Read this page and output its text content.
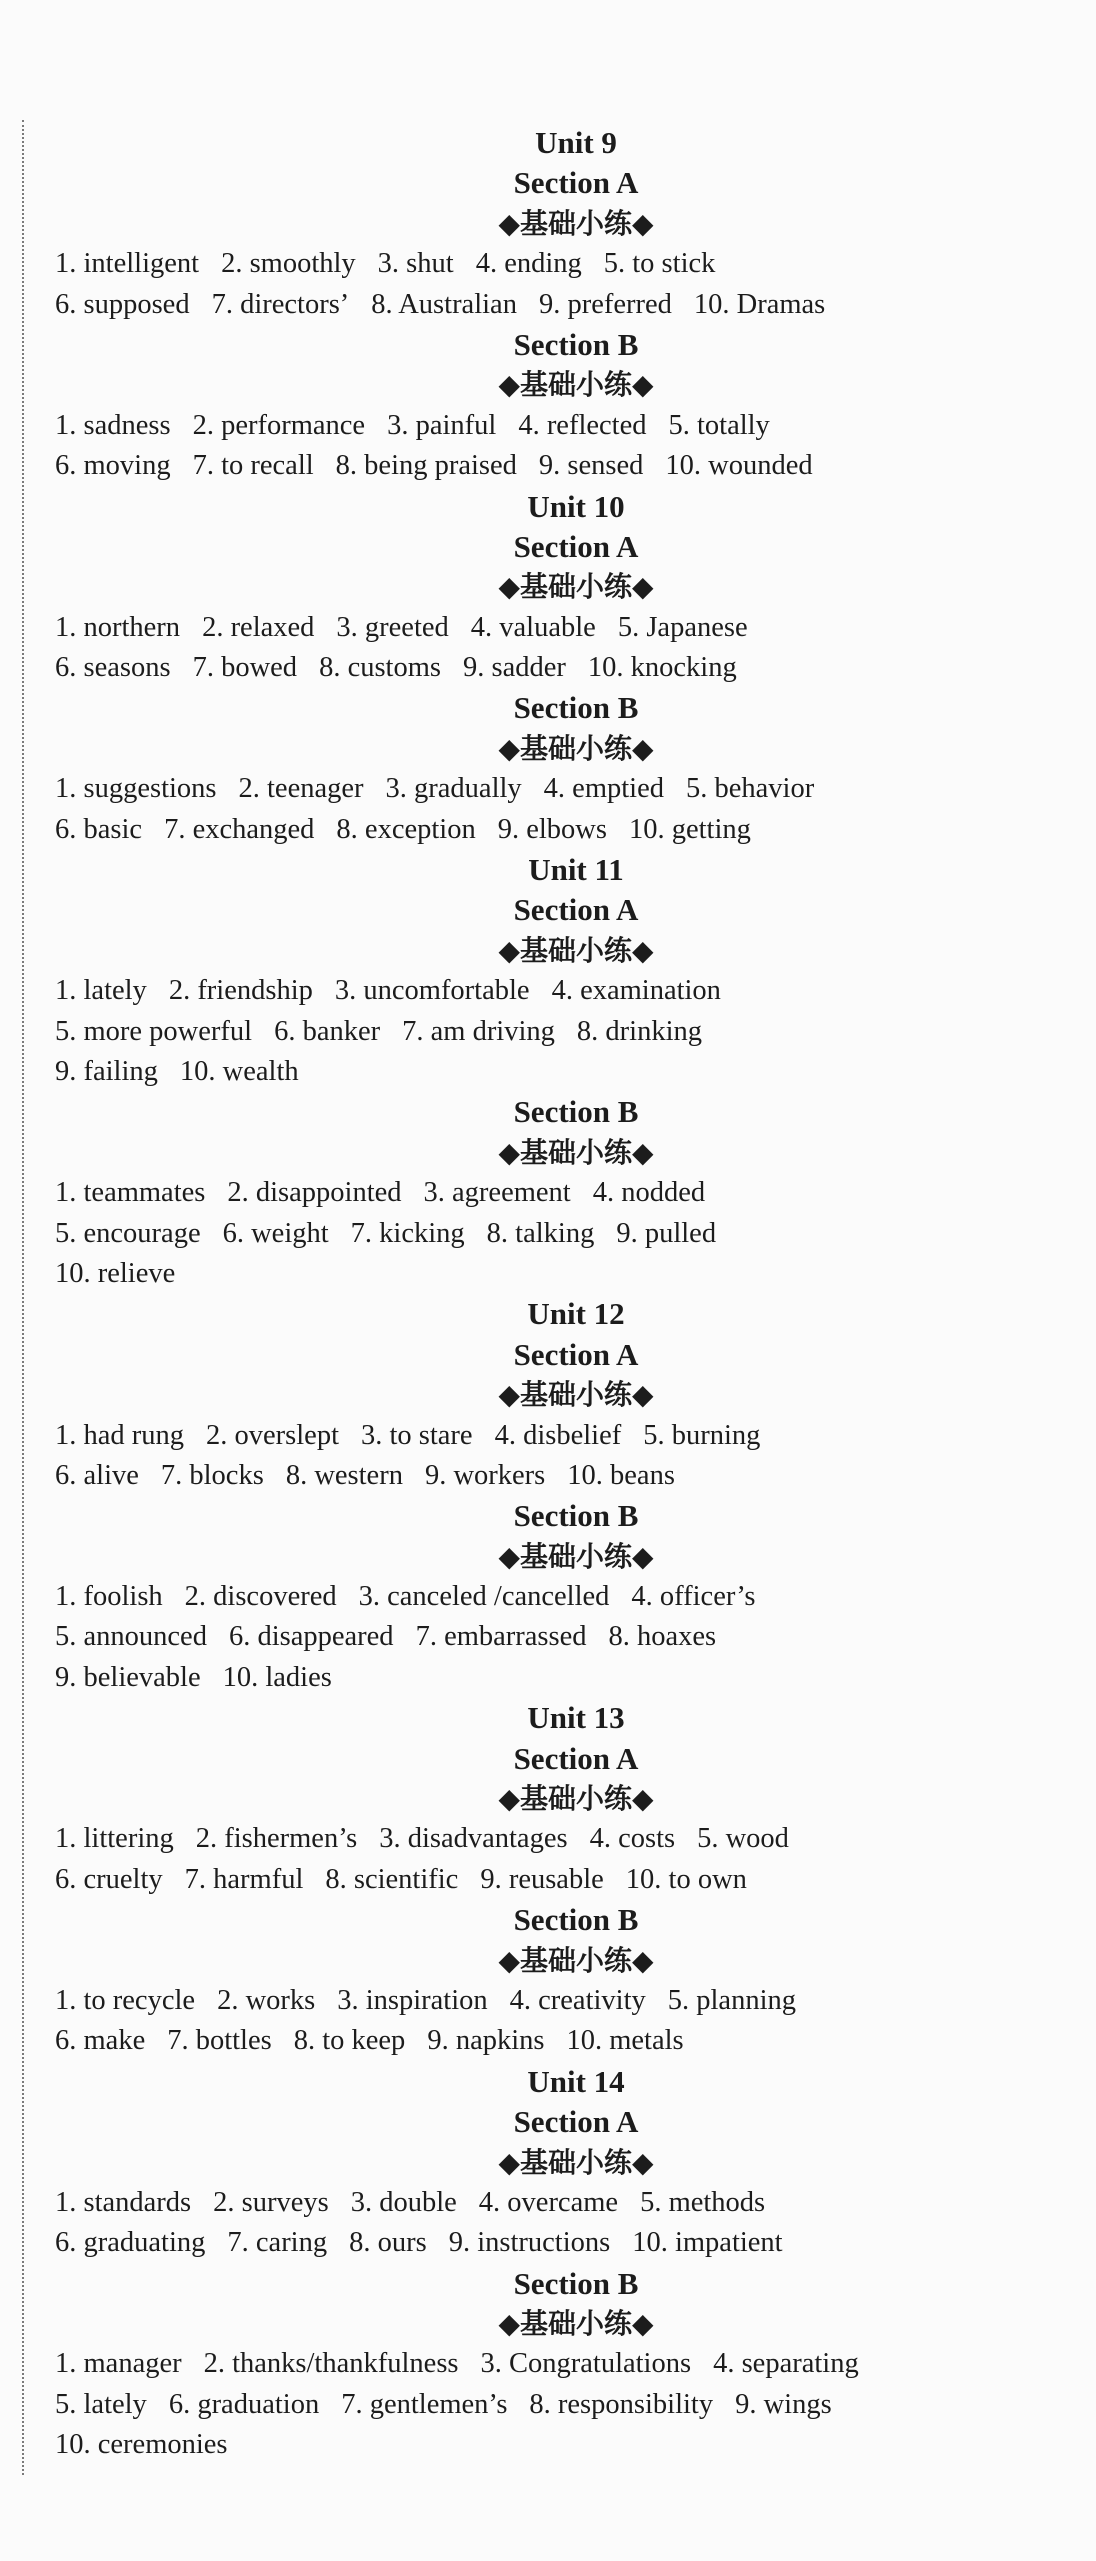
Unit 9
Section A
◆基础小练◆
1. intelligent 2. smoothly 3. shut 4. ending 5. to stick
6. supposed 7. directors’ 8. Australian 9. preferred 10. Dramas
Section B
◆基础小练◆
1. sadness 2. performance 3. painful 4. reflected 5. totally
6. moving 7. to recall 8. being praised 9. sensed 10. wounded
Unit 10
Section A
◆基础小练◆
1. northern 2. relaxed 3. greeted 4. valuable 5. Japanese
6. seasons 7. bowed 8. customs 9. sadder 10. knocking
Section B
◆基础小练◆
1. suggestions 2. teenager 3. gradually 4. emptied 5. behavior
6. basic 7. exchanged 8. exception 9. elbows 10. getting
Unit 11
Section A
◆基础小练◆
1. lately 2. friendship 3. uncomfortable 4. examination
5. more powerful 6. banker 7. am driving 8. drinking
9. failing 10. wealth
Section B
◆基础小练◆
1. teammates 2. disappointed 3. agreement 4. nodded
5. encourage 6. weight 7. kicking 8. talking 9. pulled
10. relieve
Unit 12
Section A
◆基础小练◆
1. had rung 2. overslept 3. to stare 4. disbelief 5. burning
6. alive 7. blocks 8. western 9. workers 10. beans
Section B
◆基础小练◆
1. foolish 2. discovered 3. canceled /cancelled 4. officer’s
5. announced 6. disappeared 7. embarrassed 8. hoaxes
9. believable 10. ladies
Unit 13
Section A
◆基础小练◆
1. littering 2. fishermen’s 3. disadvantages 4. costs 5. wood
6. cruelty 7. harmful 8. scientific 9. reusable 10. to own
Section B
◆基础小练◆
1. to recycle 2. works 3. inspiration 4. creativity 5. planning
6. make 7. bottles 8. to keep 9. napkins 10. metals
Unit 14
Section A
◆基础小练◆
1. standards 2. surveys 3. double 4. overcame 5. methods
6. graduating 7. caring 8. ours 9. instructions 10. impatient
Section B
◆基础小练◆
1. manager 2. thanks/thankfulness 3. Congratulations 4. separating
5. lately 6. graduation 7. gentlemen’s 8. responsibility 9. wings
10. ceremonies
